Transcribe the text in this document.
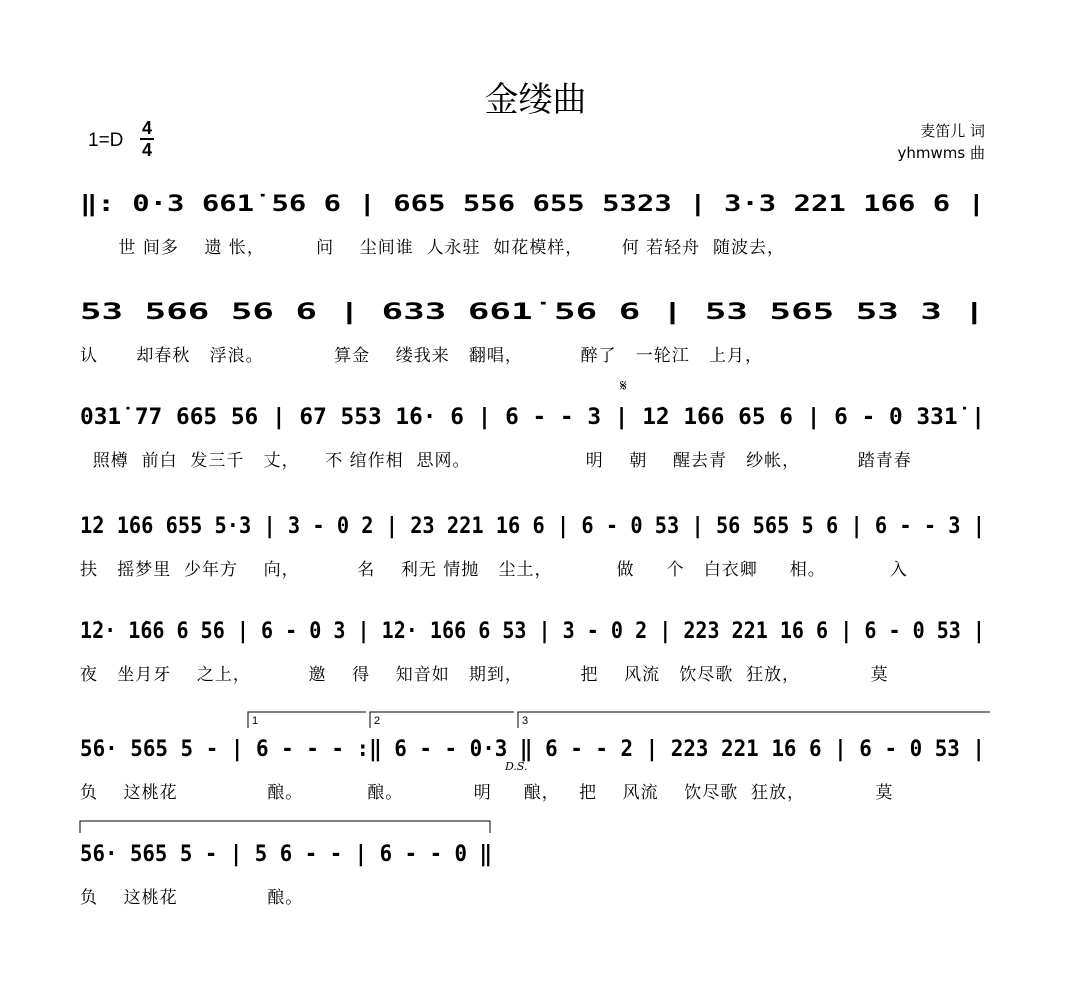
金缕曲
1=D
4
4
麦笛儿 词
yhmwms 曲
‖: 0·3 661̇ 56 6 | 665 556 655 5323 | 3·3 221 166 6 |
世 间多    遗 怅，        问    尘间谁  人永驻  如花模样，      何 若轻舟  随波去，
53 566 56 6 | 633 661̇ 56 6 | 53 565 53 3 |
认      却春秋   浮浪。           算金    缕我来   翻唱，         醉了   一轮江   上月，
𝄋
031̇ 77 665 56 | 67 553 1̇6· 6 | 6 - - 3 | 1̇2 1̇66 65 6 | 6 - 0 331̇ |
照樽  前白  发三千   丈，    不 绾作相  思网。                  明    朝    醒去青   纱帐，         踏青春
1̇2 1̇66 655 5·3 | 3 - 0 2 | 23 221 16 6 | 6 - 0 53 | 56 565 5 6 | 6 - - 3 |
扶   摇梦里  少年方    向，         名    利无 情抛   尘土，          做     个   白衣卿     相。          入
1̇2· 1̇66 6 56 | 6 - 0 3 | 1̇2· 1̇66 6 53 | 3 - 0 2 | 223 221 16 6 | 6 - 0 53 |
夜   坐月牙    之上，         邀    得    知音如   期到，         把    风流   饮尽歌  狂放，           莫
1	2	3
56· 565 5 - | 6 - - - :‖ 6 - - 0·3 ‖ 6 - - 2 | 223 221 16 6 | 6 - 0 53 |
D.S.
负    这桃花              酿。          酿。           明     酿，   把    风流    饮尽歌  狂放，           莫
56· 565 5 - | 5 6 - - | 6 - - 0 ‖
负    这桃花              酿。
